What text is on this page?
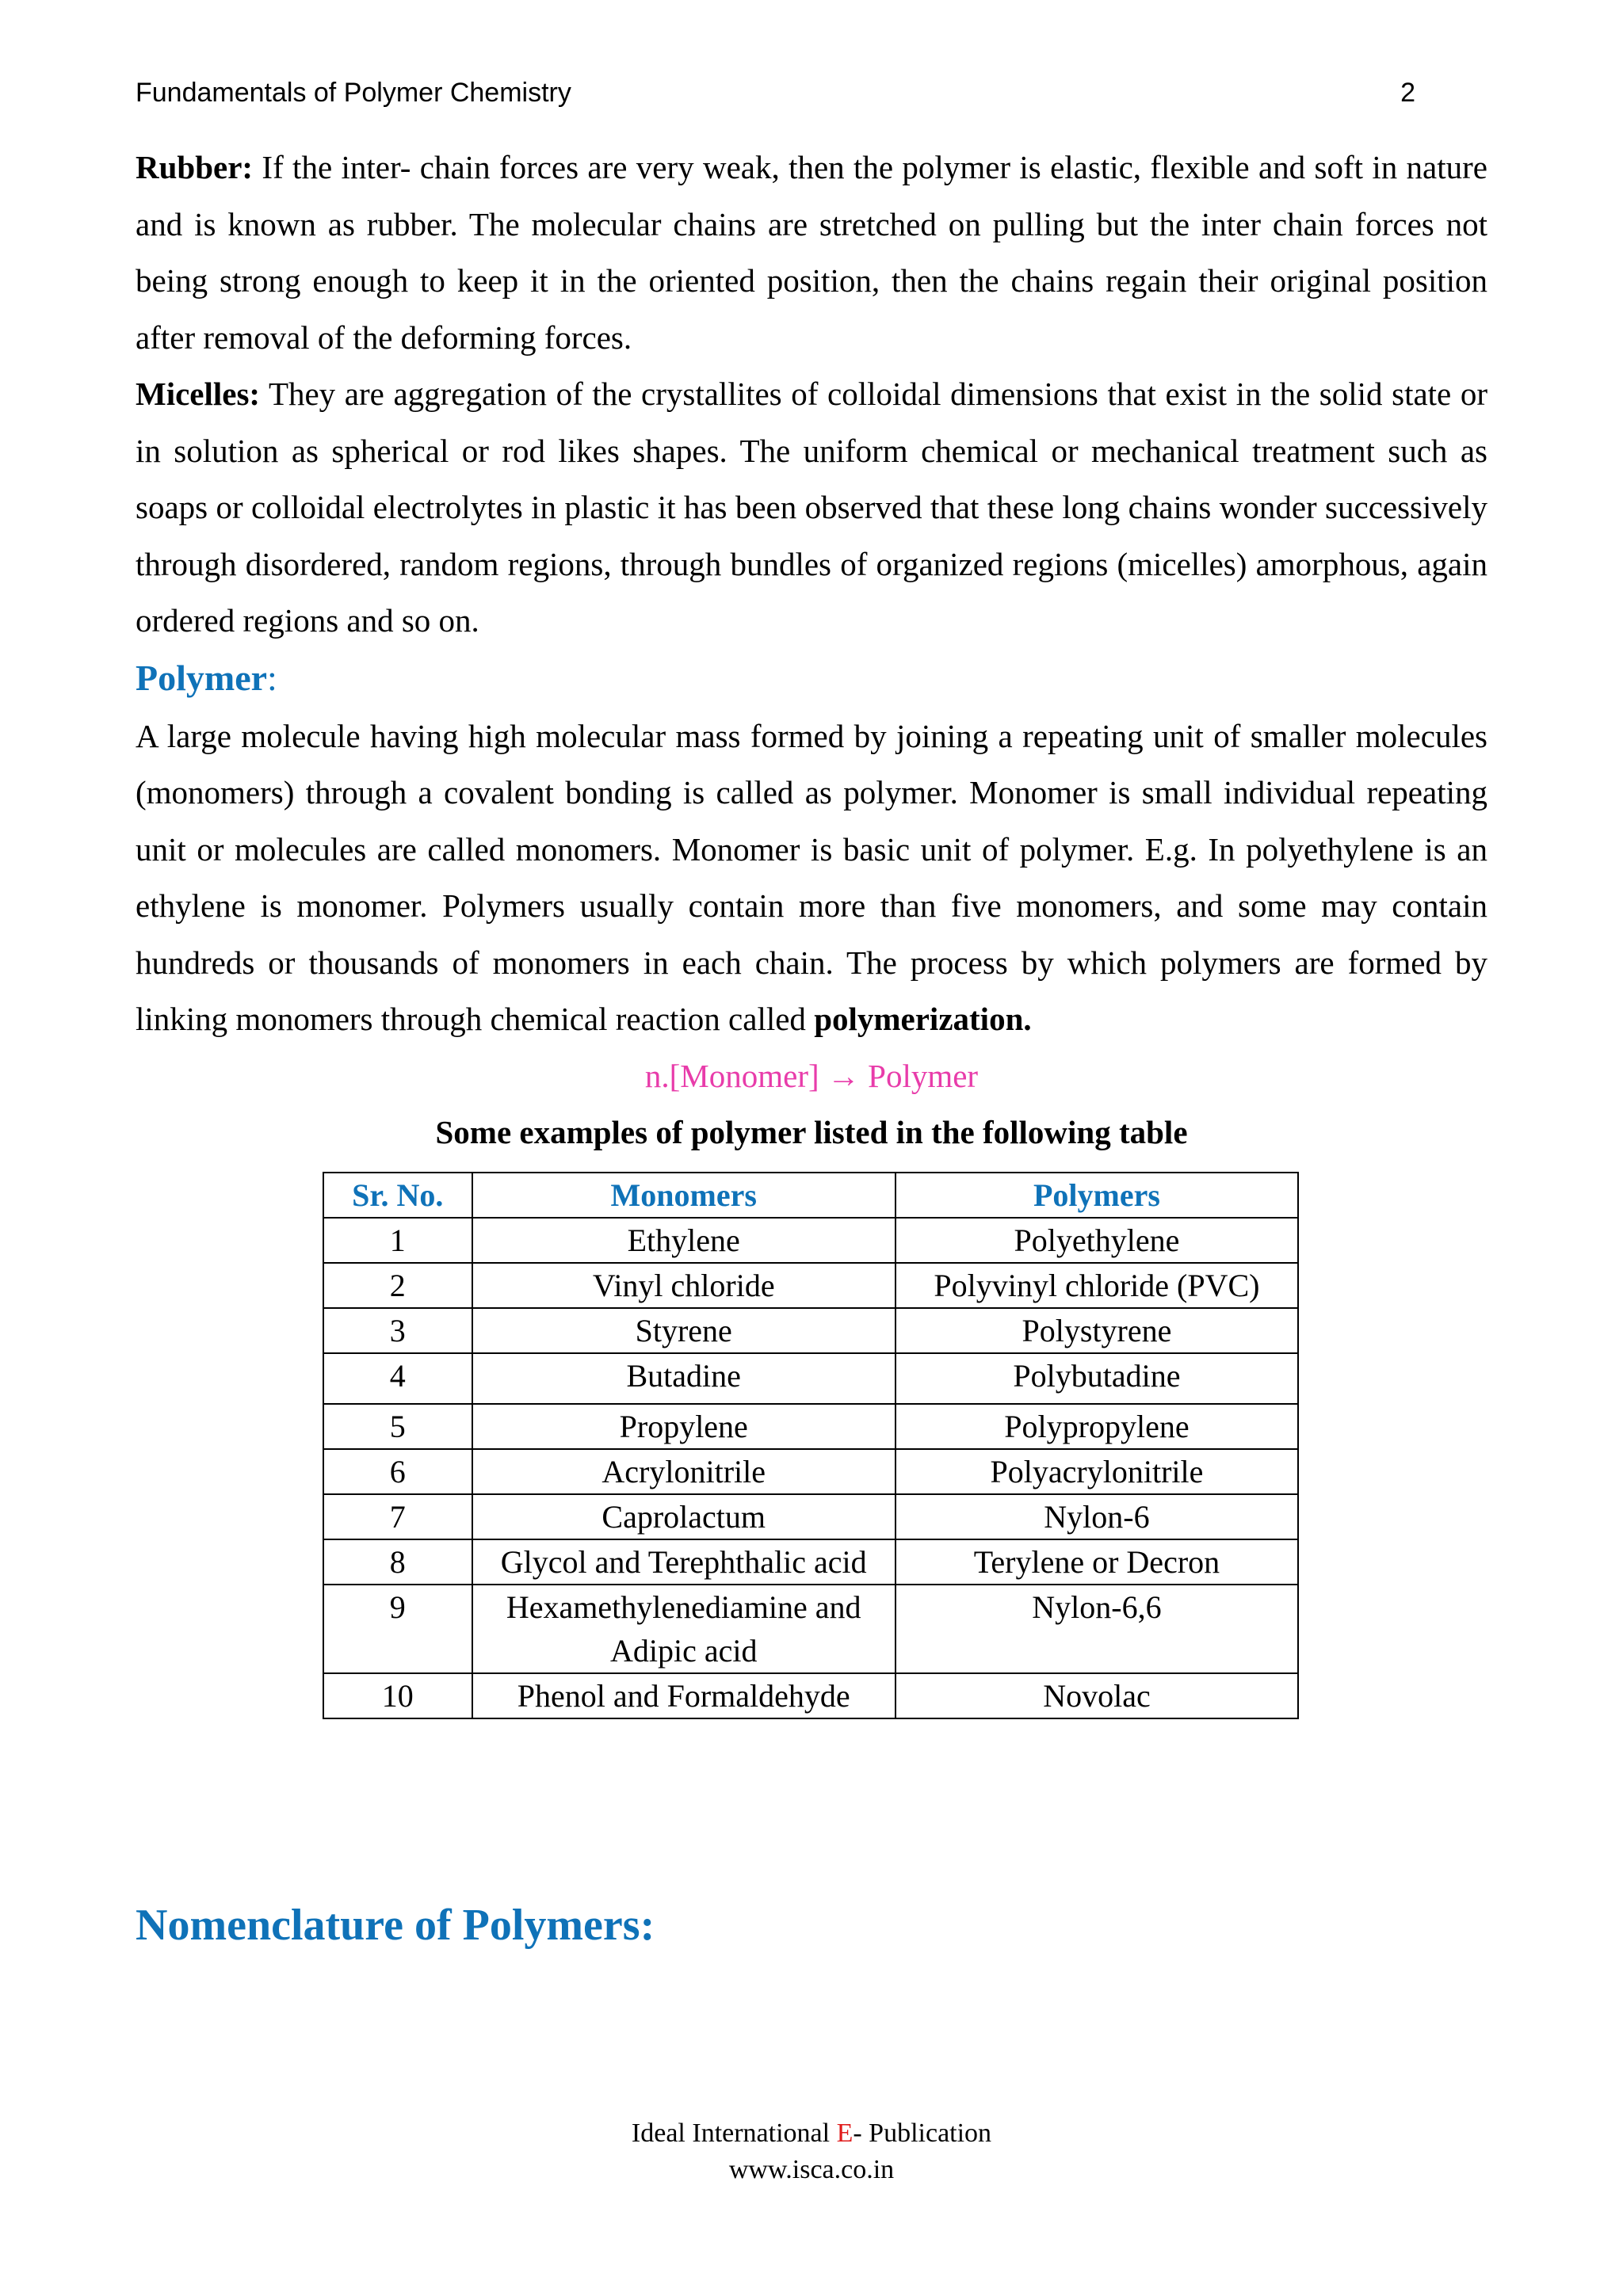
Fundamentals of Polymer Chemistry	2

Rubber: If the inter- chain forces are very weak, then the polymer is elastic, flexible and soft in nature and is known as rubber. The molecular chains are stretched on pulling but the inter chain forces not being strong enough to keep it in the oriented position, then the chains regain their original position after removal of the deforming forces.

Micelles: They are aggregation of the crystallites of colloidal dimensions that exist in the solid state or in solution as spherical or rod likes shapes. The uniform chemical or mechanical treatment such as soaps or colloidal electrolytes in plastic it has been observed that these long chains wonder successively through disordered, random regions, through bundles of organized regions (micelles) amorphous, again ordered regions and so on.

Polymer:

A large molecule having high molecular mass formed by joining a repeating unit of smaller molecules (monomers) through a covalent bonding is called as polymer. Monomer is small individual repeating unit or molecules are called monomers. Monomer is basic unit of polymer. E.g. In polyethylene is an ethylene is monomer. Polymers usually contain more than five monomers, and some may contain hundreds or thousands of monomers in each chain. The process by which polymers are formed by linking monomers through chemical reaction called polymerization.

n.[Monomer] → Polymer

Some examples of polymer listed in the following table

Sr. No.	Monomers	Polymers
1	Ethylene	Polyethylene
2	Vinyl chloride	Polyvinyl chloride (PVC)
3	Styrene	Polystyrene
4	Butadine	Polybutadine
5	Propylene	Polypropylene
6	Acrylonitrile	Polyacrylonitrile
7	Caprolactum	Nylon-6
8	Glycol and Terephthalic acid	Terylene or Decron
9	Hexamethylenediamine and Adipic acid	Nylon-6,6
10	Phenol and Formaldehyde	Novolac
Nomenclature of Polymers:
Ideal International E- Publication
www.isca.co.in
